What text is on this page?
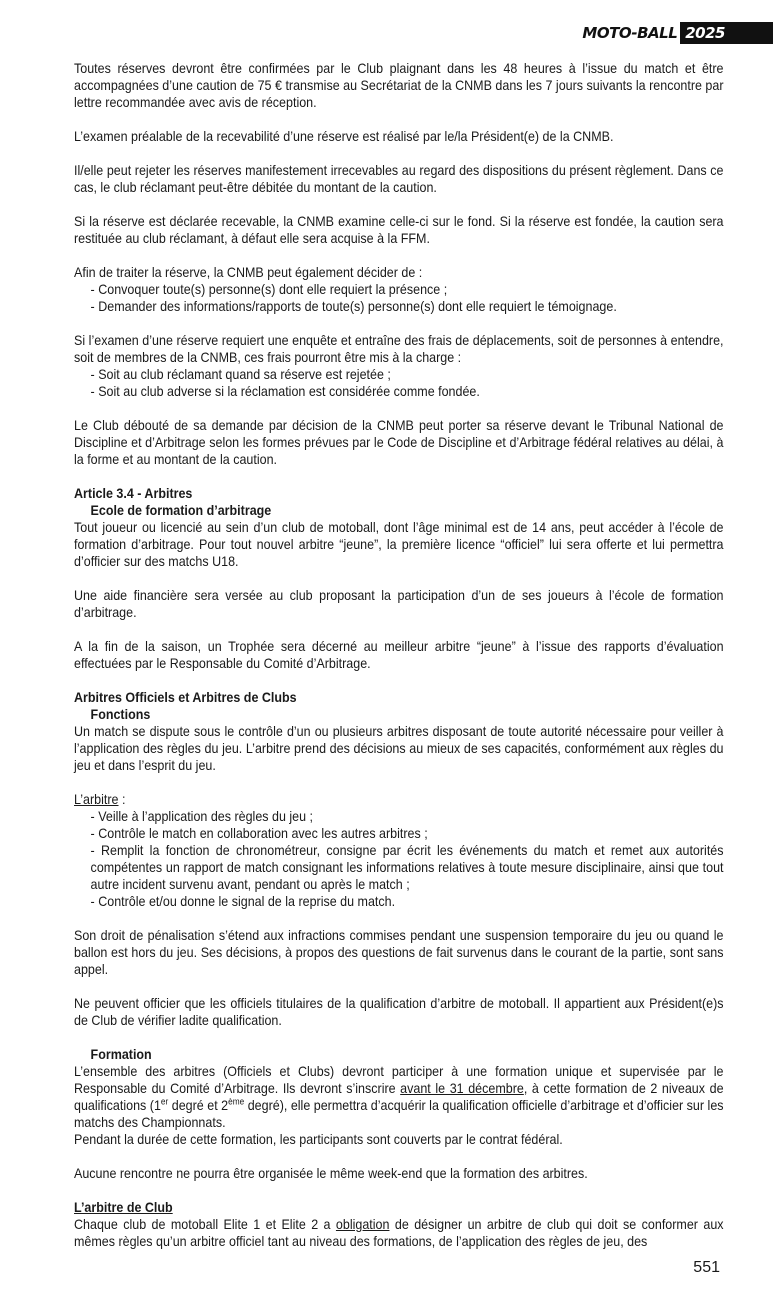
MOTO-BALL 2025

Toutes réserves devront être confirmées par le Club plaignant dans les 48 heures à l’issue du match et être accompagnées d’une caution de 75 € transmise au Secrétariat de la CNMB dans les 7 jours suivants la rencontre par lettre recommandée avec avis de réception.

L’examen préalable de la recevabilité d’une réserve est réalisé par le/la Président(e) de la CNMB.

Il/elle peut rejeter les réserves manifestement irrecevables au regard des dispositions du présent règlement. Dans ce cas, le club réclamant peut-être débitée du montant de la caution.

Si la réserve est déclarée recevable, la CNMB examine celle-ci sur le fond. Si la réserve est fondée, la caution sera restituée au club réclamant, à défaut elle sera acquise à la FFM.

Afin de traiter la réserve, la CNMB peut également décider de :

- Convoquer toute(s) personne(s) dont elle requiert la présence ;
- Demander des informations/rapports de toute(s) personne(s) dont elle requiert le témoignage.

Si l’examen d’une réserve requiert une enquête et entraîne des frais de déplacements, soit de personnes à entendre, soit de membres de la CNMB, ces frais pourront être mis à la charge :

- Soit au club réclamant quand sa réserve est rejetée ;
- Soit au club adverse si la réclamation est considérée comme fondée.

Le Club débouté de sa demande par décision de la CNMB peut porter sa réserve devant le Tribunal National de Discipline et d’Arbitrage selon les formes prévues par le Code de Discipline et d’Arbitrage fédéral relatives au délai, à la forme et au montant de la caution.

Article 3.4 - Arbitres
Ecole de formation d’arbitrage

Tout joueur ou licencié au sein d’un club de motoball, dont l’âge minimal est de 14 ans, peut accéder à l’école de formation d’arbitrage. Pour tout nouvel arbitre “jeune”, la première licence “officiel” lui sera offerte et lui permettra d’officier sur des matchs U18.

Une aide financière sera versée au club proposant la participation d’un de ses joueurs à l’école de formation d’arbitrage.

A la fin de la saison, un Trophée sera décerné au meilleur arbitre “jeune” à l’issue des rapports d’évaluation effectuées par le Responsable du Comité d’Arbitrage.

Arbitres Officiels et Arbitres de Clubs
Fonctions

Un match se dispute sous le contrôle d’un ou plusieurs arbitres disposant de toute autorité nécessaire pour veiller à l’application des règles du jeu. L’arbitre prend des décisions au mieux de ses capacités, conformément aux règles du jeu et dans l’esprit du jeu.

L’arbitre :

- Veille à l’application des règles du jeu ;
- Contrôle le match en collaboration avec les autres arbitres ;
- Remplit la fonction de chronométreur, consigne par écrit les événements du match et remet aux autorités compétentes un rapport de match consignant les informations relatives à toute mesure disciplinaire, ainsi que tout autre incident survenu avant, pendant ou après le match ;
- Contrôle et/ou donne le signal de la reprise du match.

Son droit de pénalisation s’étend aux infractions commises pendant une suspension temporaire du jeu ou quand le ballon est hors du jeu. Ses décisions, à propos des questions de fait survenus dans le courant de la partie, sont sans appel.

Ne peuvent officier que les officiels titulaires de la qualification d’arbitre de motoball. Il appartient aux Président(e)s de Club de vérifier ladite qualification.

Formation

L’ensemble des arbitres (Officiels et Clubs) devront participer à une formation unique et supervisée par le Responsable du Comité d’Arbitrage. Ils devront s’inscrire avant le 31 décembre, à cette formation de 2 niveaux de qualifications (1er degré et 2ème degré), elle permettra d’acquérir la qualification officielle d’arbitrage et d’officier sur les matchs des Championnats.

Pendant la durée de cette formation, les participants sont couverts par le contrat fédéral.

Aucune rencontre ne pourra être organisée le même week-end que la formation des arbitres.

L’arbitre de Club

Chaque club de motoball Elite 1 et Elite 2 a obligation de désigner un arbitre de club qui doit se conformer aux mêmes règles qu’un arbitre officiel tant au niveau des formations, de l’application des règles de jeu, des

551
